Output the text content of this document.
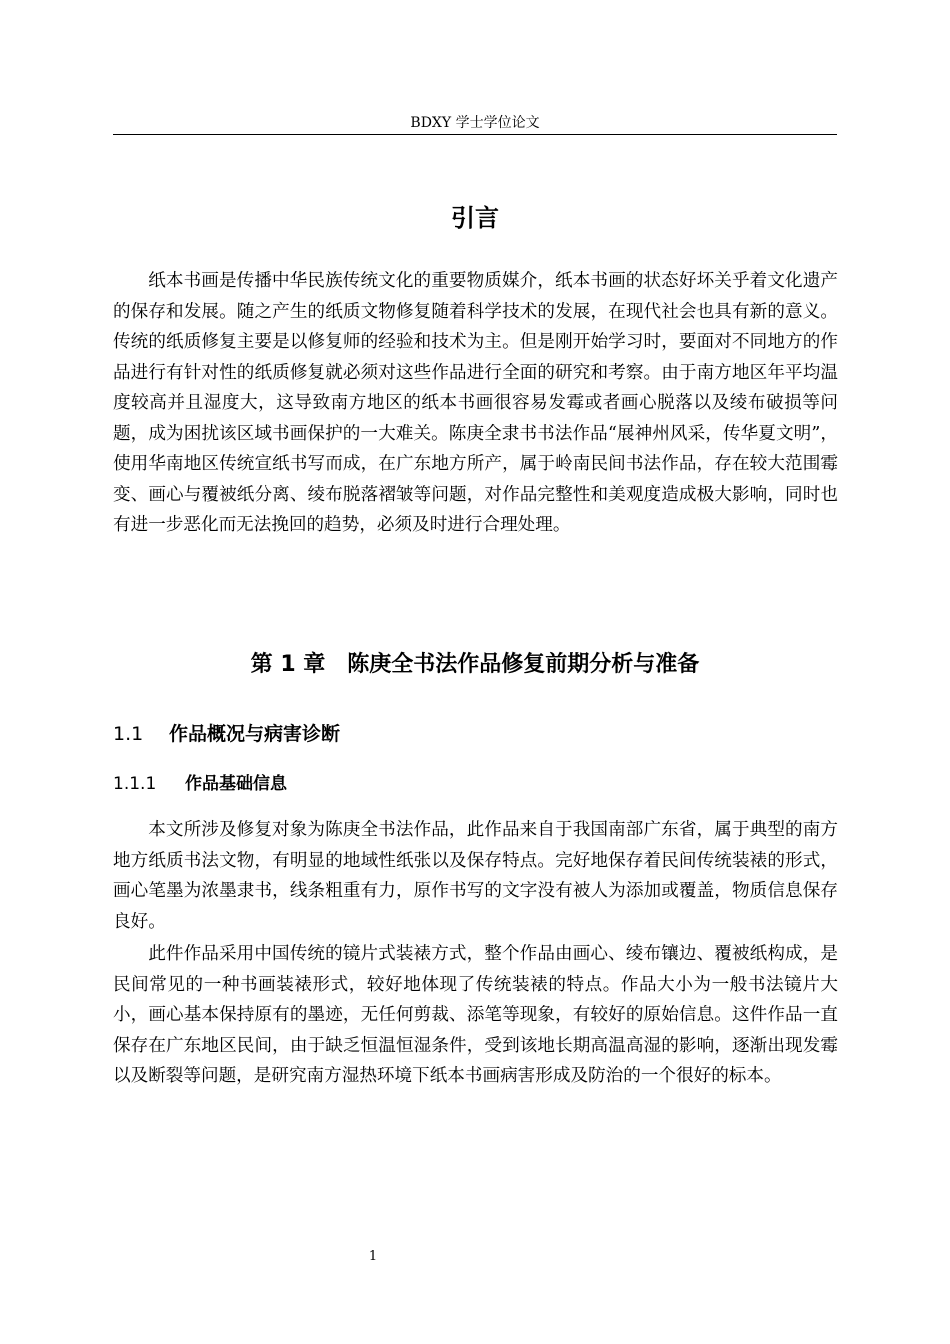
BDXY 学士学位论文
引言

纸本书画是传播中华民族传统文化的重要物质媒介，纸本书画的状态好坏关乎着文化遗产的保存和发展。随之产生的纸质文物修复随着科学技术的发展，在现代社会也具有新的意义。传统的纸质修复主要是以修复师的经验和技术为主。但是刚开始学习时，要面对不同地方的作品进行有针对性的纸质修复就必须对这些作品进行全面的研究和考察。由于南方地区年平均温度较高并且湿度大，这导致南方地区的纸本书画很容易发霉或者画心脱落以及绫布破损等问题，成为困扰该区域书画保护的一大难关。陈庚全隶书书法作品“展神州风采，传华夏文明”，使用华南地区传统宣纸书写而成，在广东地方所产，属于岭南民间书法作品，存在较大范围霉变、画心与覆被纸分离、绫布脱落褶皱等问题，对作品完整性和美观度造成极大影响，同时也有进一步恶化而无法挽回的趋势，必须及时进行合理处理。

第 1 章　陈庚全书法作品修复前期分析与准备
1.1 作品概况与病害诊断
1.1.1 作品基础信息

本文所涉及修复对象为陈庚全书法作品，此作品来自于我国南部广东省，属于典型的南方地方纸质书法文物，有明显的地域性纸张以及保存特点。完好地保存着民间传统装裱的形式，画心笔墨为浓墨隶书，线条粗重有力，原作书写的文字没有被人为添加或覆盖，物质信息保存良好。

此件作品采用中国传统的镜片式装裱方式，整个作品由画心、绫布镶边、覆被纸构成，是民间常见的一种书画装裱形式，较好地体现了传统装裱的特点。作品大小为一般书法镜片大小，画心基本保持原有的墨迹，无任何剪裁、添笔等现象，有较好的原始信息。这件作品一直保存在广东地区民间，由于缺乏恒温恒湿条件，受到该地长期高温高湿的影响，逐渐出现发霉以及断裂等问题，是研究南方湿热环境下纸本书画病害形成及防治的一个很好的标本。

1
